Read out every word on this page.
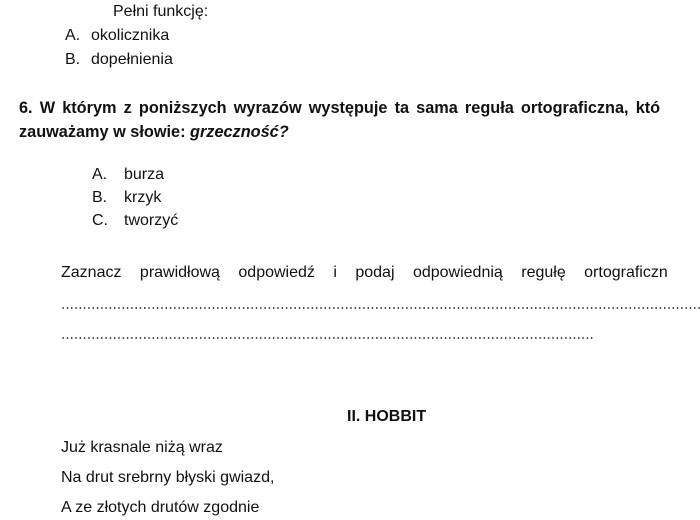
Pełni funkcję:
A. okolicznika
B. dopełnienia
6. W którym z poniższych wyrazów występuje ta sama reguła ortograficzna, któ
zauważamy w słowie: grzeczność?
A. burza
B. krzyk
C. tworzyć
Zaznacz prawidłową odpowiedź i podaj odpowiednią regułę ortograficzn
II. HOBBIT
Już krasnale niżą wraz
Na drut srebrny błyski gwiazd,
A ze złotych drutów zgodnie
